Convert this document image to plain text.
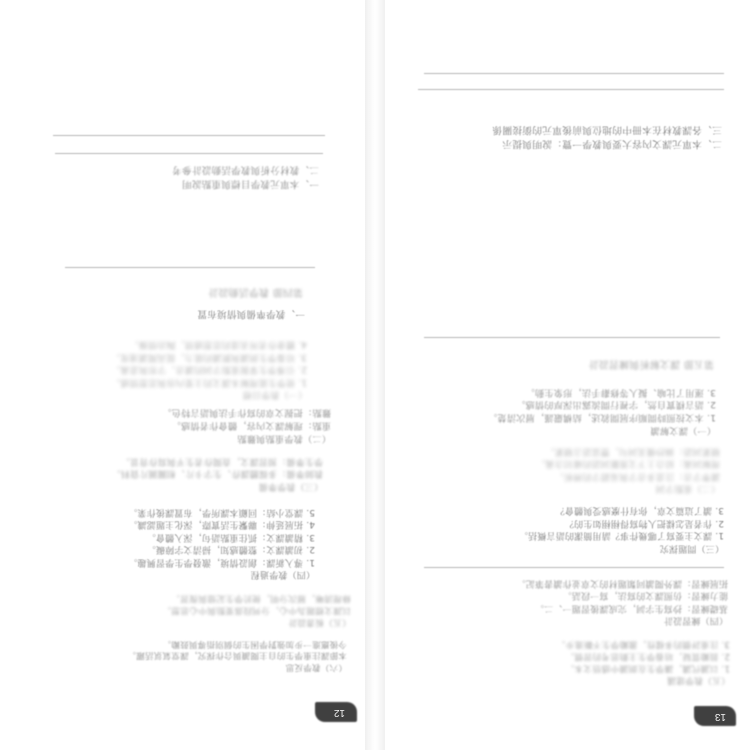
12
（六）教學反思
本節課注重學生的自主閱讀與合作探究，課堂氣氛活躍。
今後應進一步加強對學困生的個別指導與鼓勵。
（五）板書設計
以課文標題為中心，分列段落要點與中心思想。
條理清晰，層次分明，便於學生記憶與復習。
（四）教學過程
1. 導入新課：創設情境，激發學生學習興趣。
2. 初讀課文：整體感知，掃清文字障礙。
3. 精讀課文：抓住重點語句，深入體會。
4. 拓展延伸：聯繫生活實際，深化主題認識。
5. 課堂小結：回顧本課所學，布置課後作業。
（三）教學準備
教師準備：多媒體課件、生字卡片、相關圖片資料。
學生準備：預習課文，查閱作者生平與寫作背景。
（二）教學重點與難點
重點：理解課文內容，體會作者情感。
難點：把握文章的寫作手法與語言特色。
（一）教學目標
1. 使學生能理解本課文的主要內容與思想情感。
2. 引導學生掌握重點字詞的讀音、字形與意義。
3. 培養學生朗讀與默讀的能力，提高閱讀速度。
4. 體會作者所表達的思想感情，陶冶情操。
一、教學準備與情境布置
第四節 教學活動設計
一、本單元教學目標與重點說明
二、教材分析與教學活動設計參考
13
（五）教學建議
1. 以讀代講，讓學生在朗讀中感悟文本。
2. 鼓勵質疑，培養學生主動思考的習慣。
3. 注重評價的多樣性，激勵學生不斷進步。
（四）練習設計
基礎練習：抄寫生字詞，完成課後習題一、二。
能力練習：仿照課文的寫法，寫一段話。
拓展練習：課外閱讀同類題材的文章並作讀書筆記。
（三）問題探究
1. 課文主要寫了哪幾件事？請用簡潔的語言概括。
2. 作者是怎樣把人物寫得栩栩如生的？
3. 讀了這篇文章，你有什麼感受與體會？
（二）重點字詞
讀準字音：注意多音字與易錯字的辨析。
理解詞義：結合上下文推斷詞語的確切含義。
積累詞語：摘抄優美詞句，豐富語言積累。
（一）課文解讀
1. 本文按照時間順序展開敘述，結構嚴謹，層次清楚。
2. 語言樸實自然，字裡行間流露出深厚的情感。
3. 運用了比喻、擬人等修辭手法，形象生動。
第五節 課文解析與練習設計
二、本單元課文內容大要與教學一覽：說明與提示
三、各課教材在本冊中的地位與前後單元的銜接關係
